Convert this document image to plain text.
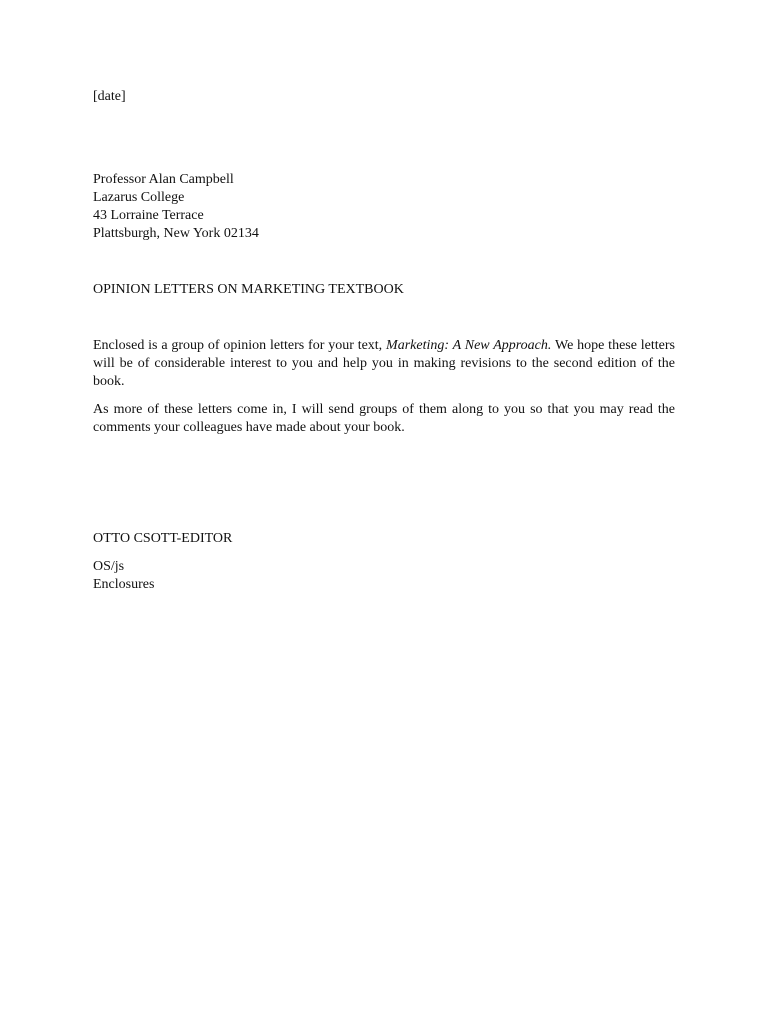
[date]
Professor Alan Campbell
Lazarus College
43 Lorraine Terrace
Plattsburgh, New York 02134
OPINION LETTERS ON MARKETING TEXTBOOK
Enclosed is a group of opinion letters for your text, Marketing: A New Approach. We hope these letters will be of considerable interest to you and help you in making revisions to the second edition of the book.
As more of these letters come in, I will send groups of them along to you so that you may read the comments your colleagues have made about your book.
OTTO CSOTT-EDITOR
OS/js
Enclosures
